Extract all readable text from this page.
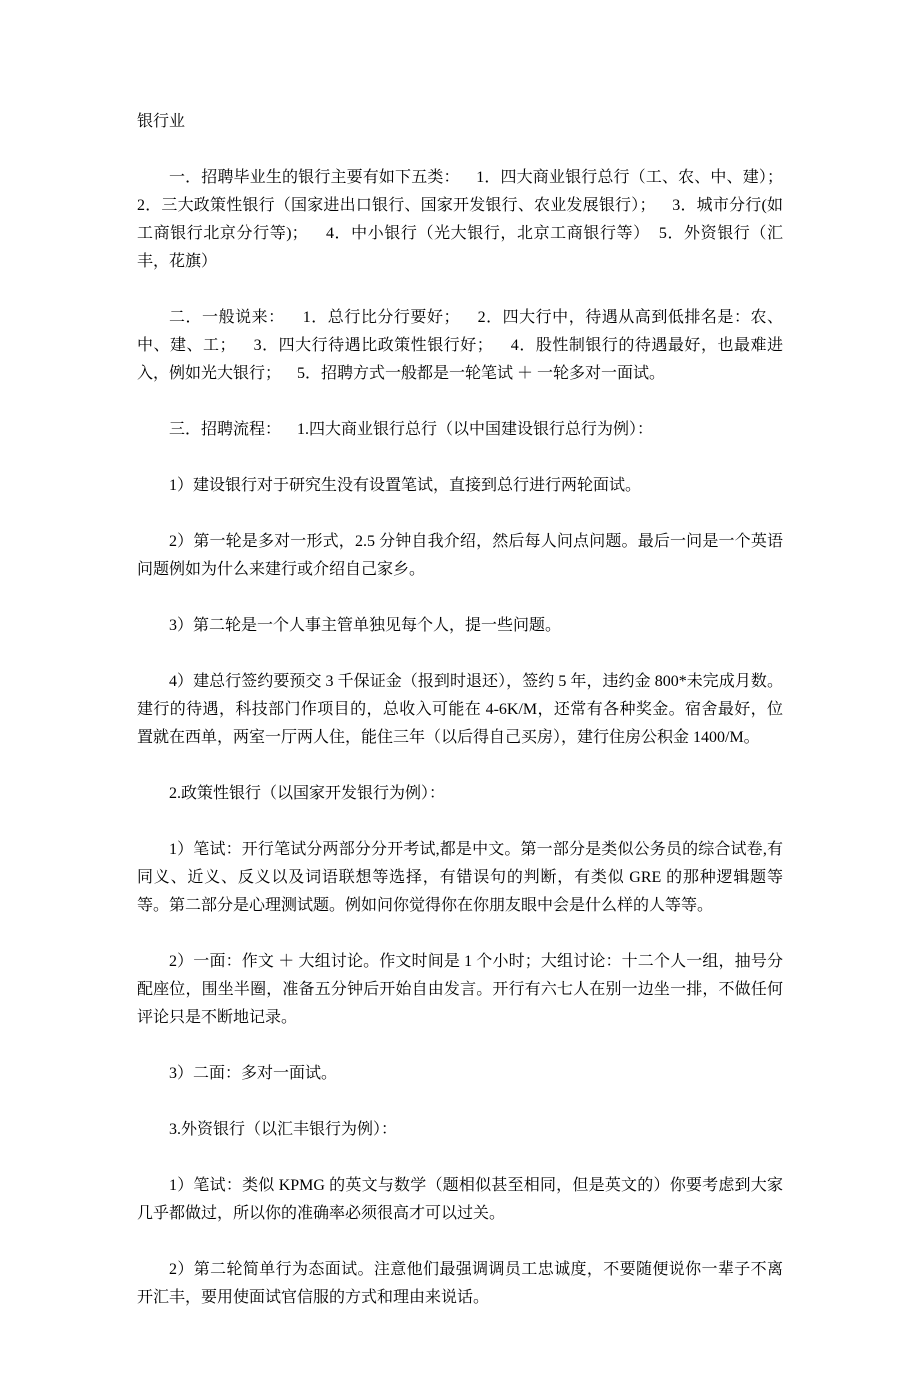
银行业

一．招聘毕业生的银行主要有如下五类：    1．四大商业银行总行（工、农、中、建）；2．三大政策性银行（国家进出口银行、国家开发银行、农业发展银行）；    3．城市分行(如工商银行北京分行等)；    4．中小银行（光大银行，北京工商银行等）  5．外资银行（汇丰，花旗）

二．一般说来：    1．总行比分行要好；    2．四大行中，待遇从高到低排名是：农、中、建、工；    3．四大行待遇比政策性银行好；    4．股性制银行的待遇最好，也最难进入，例如光大银行；    5．招聘方式一般都是一轮笔试 ＋ 一轮多对一面试。

三．招聘流程：    1.四大商业银行总行（以中国建设银行总行为例）：

1）建设银行对于研究生没有设置笔试，直接到总行进行两轮面试。

2）第一轮是多对一形式，2.5 分钟自我介绍，然后每人问点问题。最后一问是一个英语问题例如为什么来建行或介绍自己家乡。

3）第二轮是一个人事主管单独见每个人，提一些问题。

4）建总行签约要预交 3 千保证金（报到时退还），签约 5 年，违约金 800*未完成月数。建行的待遇，科技部门作项目的，总收入可能在 4-6K/M，还常有各种奖金。宿舍最好，位置就在西单，两室一厅两人住，能住三年（以后得自己买房），建行住房公积金 1400/M。

2.政策性银行（以国家开发银行为例）：

1）笔试：开行笔试分两部分分开考试,都是中文。第一部分是类似公务员的综合试卷,有同义、近义、反义以及词语联想等选择，有错误句的判断，有类似 GRE 的那种逻辑题等等。第二部分是心理测试题。例如问你觉得你在你朋友眼中会是什么样的人等等。

2）一面：作文 ＋ 大组讨论。作文时间是 1 个小时；大组讨论：十二个人一组，抽号分配座位，围坐半圈，准备五分钟后开始自由发言。开行有六七人在别一边坐一排，不做任何评论只是不断地记录。

3）二面：多对一面试。

3.外资银行（以汇丰银行为例）：

1）笔试：类似 KPMG 的英文与数学（题相似甚至相同，但是英文的）你要考虑到大家几乎都做过，所以你的准确率必须很高才可以过关。

2）第二轮简单行为态面试。注意他们最强调调员工忠诚度，不要随便说你一辈子不离开汇丰，要用使面试官信服的方式和理由来说话。
